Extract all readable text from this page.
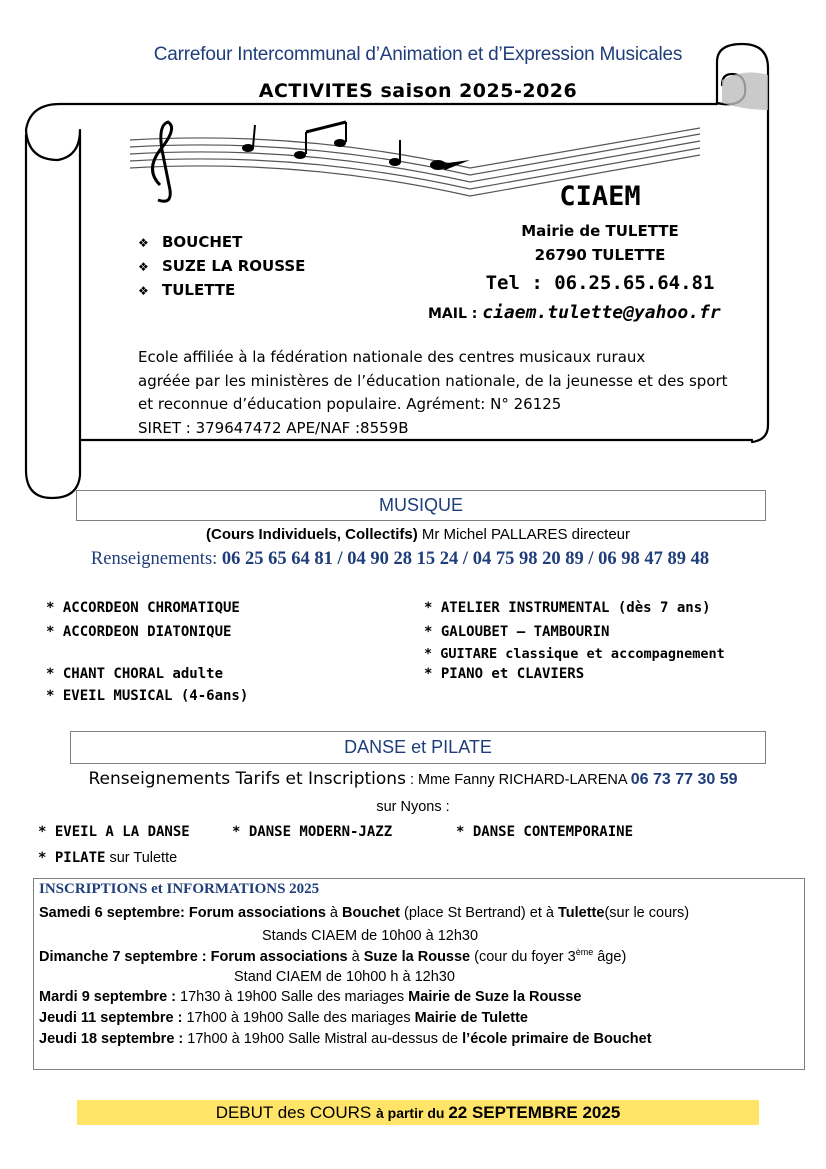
Carrefour Intercommunal d’Animation et d’Expression Musicales
ACTIVITES saison 2025-2026
❖ BOUCHET
❖ SUZE LA ROUSSE
❖ TULETTE
CIAEM
Mairie de TULETTE
26790 TULETTE
Tel : 06.25.65.64.81
MAIL : ciaem.tulette@yahoo.fr
Ecole affiliée à la fédération nationale des centres musicaux ruraux
agréée par les ministères de l’éducation nationale, de la jeunesse et des sport
et reconnue d’éducation populaire. Agrément: N° 26125
SIRET : 379647472 APE/NAF :8559B
MUSIQUE
(Cours Individuels, Collectifs) Mr Michel PALLARES directeur
Renseignements: 06 25 65 64 81 / 04 90 28 15 24 / 04 75 98 20 89 / 06 98 47 89 48
* ACCORDEON CHROMATIQUE
* ACCORDEON DIATONIQUE
* CHANT CHORAL adulte
* EVEIL MUSICAL (4-6ans)
* ATELIER INSTRUMENTAL (dès 7 ans)
* GALOUBET – TAMBOURIN
* GUITARE classique et accompagnement
* PIANO et CLAVIERS
DANSE et PILATE
Renseignements Tarifs et Inscriptions : Mme Fanny RICHARD-LARENA 06 73 77 30 59
sur Nyons :
* EVEIL A LA DANSE	* DANSE MODERN-JAZZ	* DANSE CONTEMPORAINE
* PILATE sur Tulette
INSCRIPTIONS et INFORMATIONS 2025
Samedi 6 septembre: Forum associations à Bouchet (place St Bertrand) et à Tulette(sur le cours)
Stands CIAEM de 10h00 à 12h30
Dimanche 7 septembre : Forum associations à Suze la Rousse (cour du foyer 3ème âge)
Stand CIAEM de 10h00 h à 12h30
Mardi 9 septembre : 17h30 à 19h00 Salle des mariages Mairie de Suze la Rousse
Jeudi 11 septembre : 17h00 à 19h00 Salle des mariages Mairie de Tulette
Jeudi 18 septembre : 17h00 à 19h00 Salle Mistral au-dessus de l’école primaire de Bouchet
DEBUT des COURS à partir du 22 SEPTEMBRE 2025
